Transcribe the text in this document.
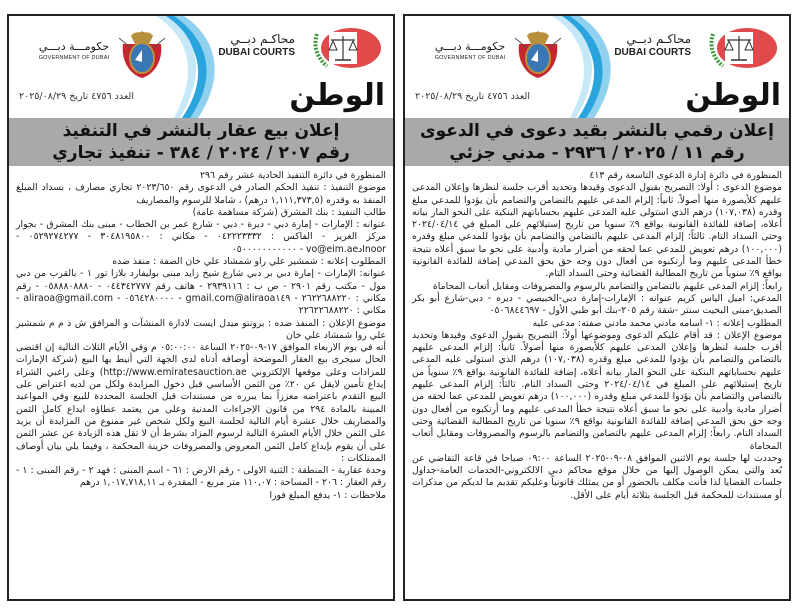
حكومـــة دبـــي
GOVERNMENT OF DUBAI
محاكـم دبــي
DUBAI COURTS
العدد ٤٧٥٦ تاريخ ٢٠٢٥/٠٨/٢٩	الوطن
إعلان بيع عقار بالنشر في التنفيذ
رقم ٢٠٧ / ٢٠٢٤ / ٣٨٤ - تنفيذ تجاري

المنظورة في دائرة التنفيذ الحادية عشر رقم ٢٩٦

موضوع التنفيذ : تنفيذ الحكم الصادر في الدعوى رقم ٢٠٢٣/٦٥٠ تجاري مصارف ، بسداد المبلغ المنفذ به وقدره (١,١١١,٣٧٣,٥ درهم) ، شاملا للرسوم والمصاريف

طالب التنفيذ : بنك المشرق (شركة مساهمة عامة)

عنوانه : الإمارات - إمارة دبي - ديرة - دبي - شارع عمر بن الخطاب - مبنى بنك المشرق - بجوار مركز الغرير - الفاكس : ٠٤٢٢٢٣٣٣٢ - مكاني : ٣٠٤٨١٩٥٨٠٠ - ٠٥٢٩٢٧٤٢٧٧ -noorادvo@eim.ae - ٠٥٠٠٠٠٠٠٠٠٠٠٠

المطلوب إعلانه : شمشير علي راو شمشاد علي خان الصفة : منفذ ضده

عنوانه: الإمارات - إمارة دبي بر دبي شارع شيخ زايد مبنى بوليفارد بلازا تور ١ - بالقرب من دبي مول - مكتب رقم ٢٩٠١ - ص ب : ٢٩٣٩١١٦ - هاتف رقم ٠٤٤٣٤٢٧٧٧ - ٠٥٨٨٨٠٨٨٨٠ - رقم مكاني : ٢٦٢٢٦٨٨٢٢٠ - aliraoa١٤٩@gmail.com - ٠٥٦٤٢٨٠٠٠٠ - aliraoa@gmail.com - مكاني : ٢٢٦٢٢٦٨٨٢٢٠

موضوع الإعلان : المنفذ ضده : برونتو ميدل ايست لادارة المنشآت و المرافق ش ذ م م شمشير علي روا شمشاد علي خان

أنه في يوم الاربعاء الموافق ١٧-٠٩-٢٠٢٥ الساعة ٠٥:٠٠:٠٠ م وفي الأيام الثلاث التالية إن اقتضى الحال سيجرى بيع العقار الموضحة أوصافه أدناه لدى الجهة التي أنيط بها البيع (شركة الإمارات للمزادات وعلى موقعها الإلكتروني http://www.emiratesauction.ae) وعلى راغبي الشراء إيداع تأمين لايقل عن ٢٠٪ من الثمن الأساسي قبل دخول المزايدة ولكل من لديه اعتراض على البيع التقدم باعتراضه معززاً بما يبرره من مستندات قبل الجلسة المحددة للبيع وفي المواعيد المبينة بالمادة ٢٩٤ من قانون الإجراءات المدنية وعلى من يعتمد عطاؤه ايداع كامل الثمن والمصاريف خلال عشرة أيام التالية لجلسة البيع ولكل شخص غير ممنوع من المزايدة أن يزيد على الثمن خلال الأيام العشرة التالية لرسوم المزاد بشرط أن لا تقل هذه الزيادة عن عشر الثمن على أن يقوم بإيداع كامل الثمن المعروض والمصروفات خزينة المحكمة ، وفيما يلي بيان أوصاف الممتلكات :

وحدة عقارية - المنطقة : الثنية الاولى - رقم الارض : ٦١ - اسم المبنى : فهد ٢ - رقم المبنى : ١ - رقم العقار : ٢٠٦ - المساحة : ١١٠,٠٧ متر مربع - المقدرة بـ ١,٠١٧,٧١٨,١١ درهم

ملاحظات : ١- يدفع المبلغ فورا

حكومـــة دبـــي
GOVERNMENT OF DUBAI
محاكـم دبــي
DUBAI COURTS
العدد ٤٧٥٦ تاريخ ٢٠٢٥/٠٨/٢٩	الوطن
إعلان رقمي بالنشر بقيد دعوى في الدعوى
رقم ١١ / ٢٠٢٥ / ٢٩٣٦ - مدني جزئي

المنظورة في دائرة إدارة الدعوى التاسعة رقم ٤١٣

موضوع الدعوى : أولا: التصريح بقبول الدعوى وقيدها وتحديد أقرب جلسة لنظرها وإعلان المدعى عليهم كلأيصورة منها أصولاً. ثانياً: إلزام المدعى عليهم بالتضامن والتضامم بأن يؤدوا للمدعي مبلغ وقدره (١٠٧,٠٣٨) درهم الذي استولى عليه المدعى عليهم بحساباتهم البنكية على النحو المار بيانه أعلاه، إضافة للفائدة القانونية بواقع ٩٪ سنويا من تاريخ إستيلائهم على المبلغ في ٢٠٢٤/٠٤/١٤ وحتى السداد التام. ثالثاً: إلزام المدعى عليهم بالتضامن والتضامم بأن يؤدوا للمدعي مبلغ وقدره (١٠٠,٠٠٠) درهم تعويض للمدعي عما لحقه من أضرار مادية وأدبية على نحو ما سبق أعلاه نتيجة خطأ المدعى عليهم وما أرتكبوه من أفعال دون وجه حق بحق المدعي إضافة للفائدة القانونية بواقع ٩٪ سنوياً من تاريخ المطالبة القضائية وحتى السداد التام.

رابعاً: إلزام المدعى عليهم بالتضامن والتضامم بالرسوم والمصروفات ومقابل أتعاب المحاماة

المدعي: اميل الياس كريم عنوانه : الإمارات-إمارة دبي-الخبيصي - ديره - دبي-شارع أبو بكر الصديق-مبنى البخيت سنتر -شقة رقم ٢٠٥-بنك أبو ظبي الأول - ٠٥٠٦٨٤٤٦٩٧

المطلوب إعلانه : ١- اسامه مادني محمد مادني صفته: مدعى عليه

موضوع الإعلان : قد أقام عليكم الدعوى وموضوعها أولاً: التصريح بقبول الدعوى وقيدها وتحديد أقرب جلسة لنظرها وإعلان المدعى عليهم كلأيصورة منها أصولاً. ثانياً: إلزام المدعى عليهم بالتضامن والتضامم بأن يؤدوا للمدعي مبلغ وقدره (١٠٧,٠٣٨) درهم الذي استولى عليه المدعى عليهم بحساباتهم البنكية على النحو المار بيانه أعلاه، إضافة للفائدة القانونية بواقع ٩٪ سنوياً من تاريخ إستيلائهم على المبلغ في ٢٠٢٤/٠٤/١٤ وحتى السداد التام. ثالثاً: إلزام المدعى عليهم بالتضامن والتضامم بأن يؤدوا للمدعي مبلغ وقدره (١٠٠,٠٠٠) درهم تعويض للمدعي عما لحقه من أضرار مادية وأدبية على نحو ما سبق أعلاه نتيجة خطأ المدعى عليهم وما أرتكبوه من أفعال دون وجه حق بحق المدعي إضافة للفائدة القانونية بواقع ٩٪ سنويا من تاريخ المطالبة القضائية وحتى السداد التام. رابعاً: إلزام المدعى عليهم بالتضامن والتضامم بالرسوم والمصروفات ومقابل أتعاب المحاماة

وحددت لها جلسة يوم الاثنين الموافق ٠٨-٠٩-٢٠٢٥ الساعة ٠٩:٠٠ صباحا في قاعة التقاضي عن بُعد والتي يمكن الوصول إليها من خلال موقع محاكم دبي الالكتروني-الخدمات العامة-جداول جلسات القضايا لذا فأنت مكلف بالحضور أو من يمثلك قانونياً وعليكم تقديم ما لديكم من مذكرات أو مستندات للمحكمة قبل الجلسة بثلاثة أيام على الأقل.
